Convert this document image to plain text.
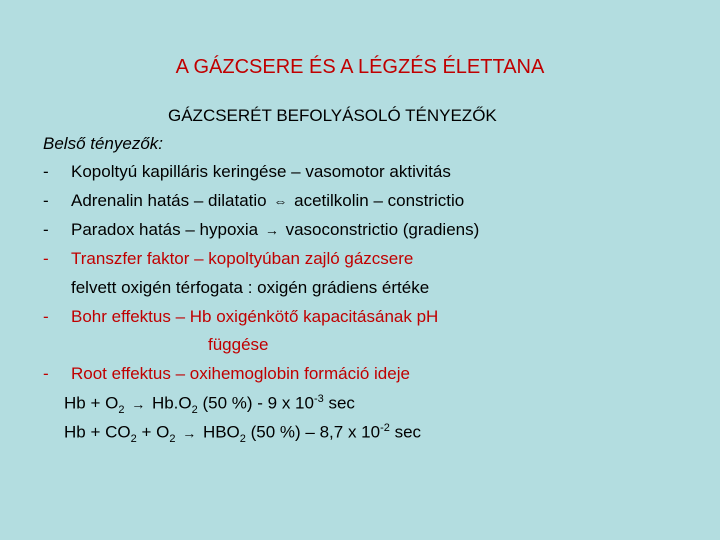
A GÁZCSERE ÉS A LÉGZÉS ÉLETTANA
GÁZCSERÉT BEFOLYÁSOLÓ TÉNYEZŐK
Belső tényezők:
- Kopoltyú kapilláris keringése – vasomotor aktivitás
- Adrenalin hatás – dilatatio ⇔ acetilkolin – constrictio
- Paradox hatás – hypoxia → vasoconstrictio (gradiens)
- Transzfer faktor – kopoltyúban zajló gázcsere
felvett oxigén térfogata : oxigén grádiens értéke
- Bohr effektus – Hb oxigénkötő kapacitásának pH
függése
- Root effektus – oxihemoglobin formáció ideje
$Hb + O_2 \to Hb.O_2$ (50 %) - 9 x $10^{-3}$ sec
$Hb + CO_2 + O_2 \to HBO_2$ (50 %) – 8,7 x $10^{-2}$ sec
